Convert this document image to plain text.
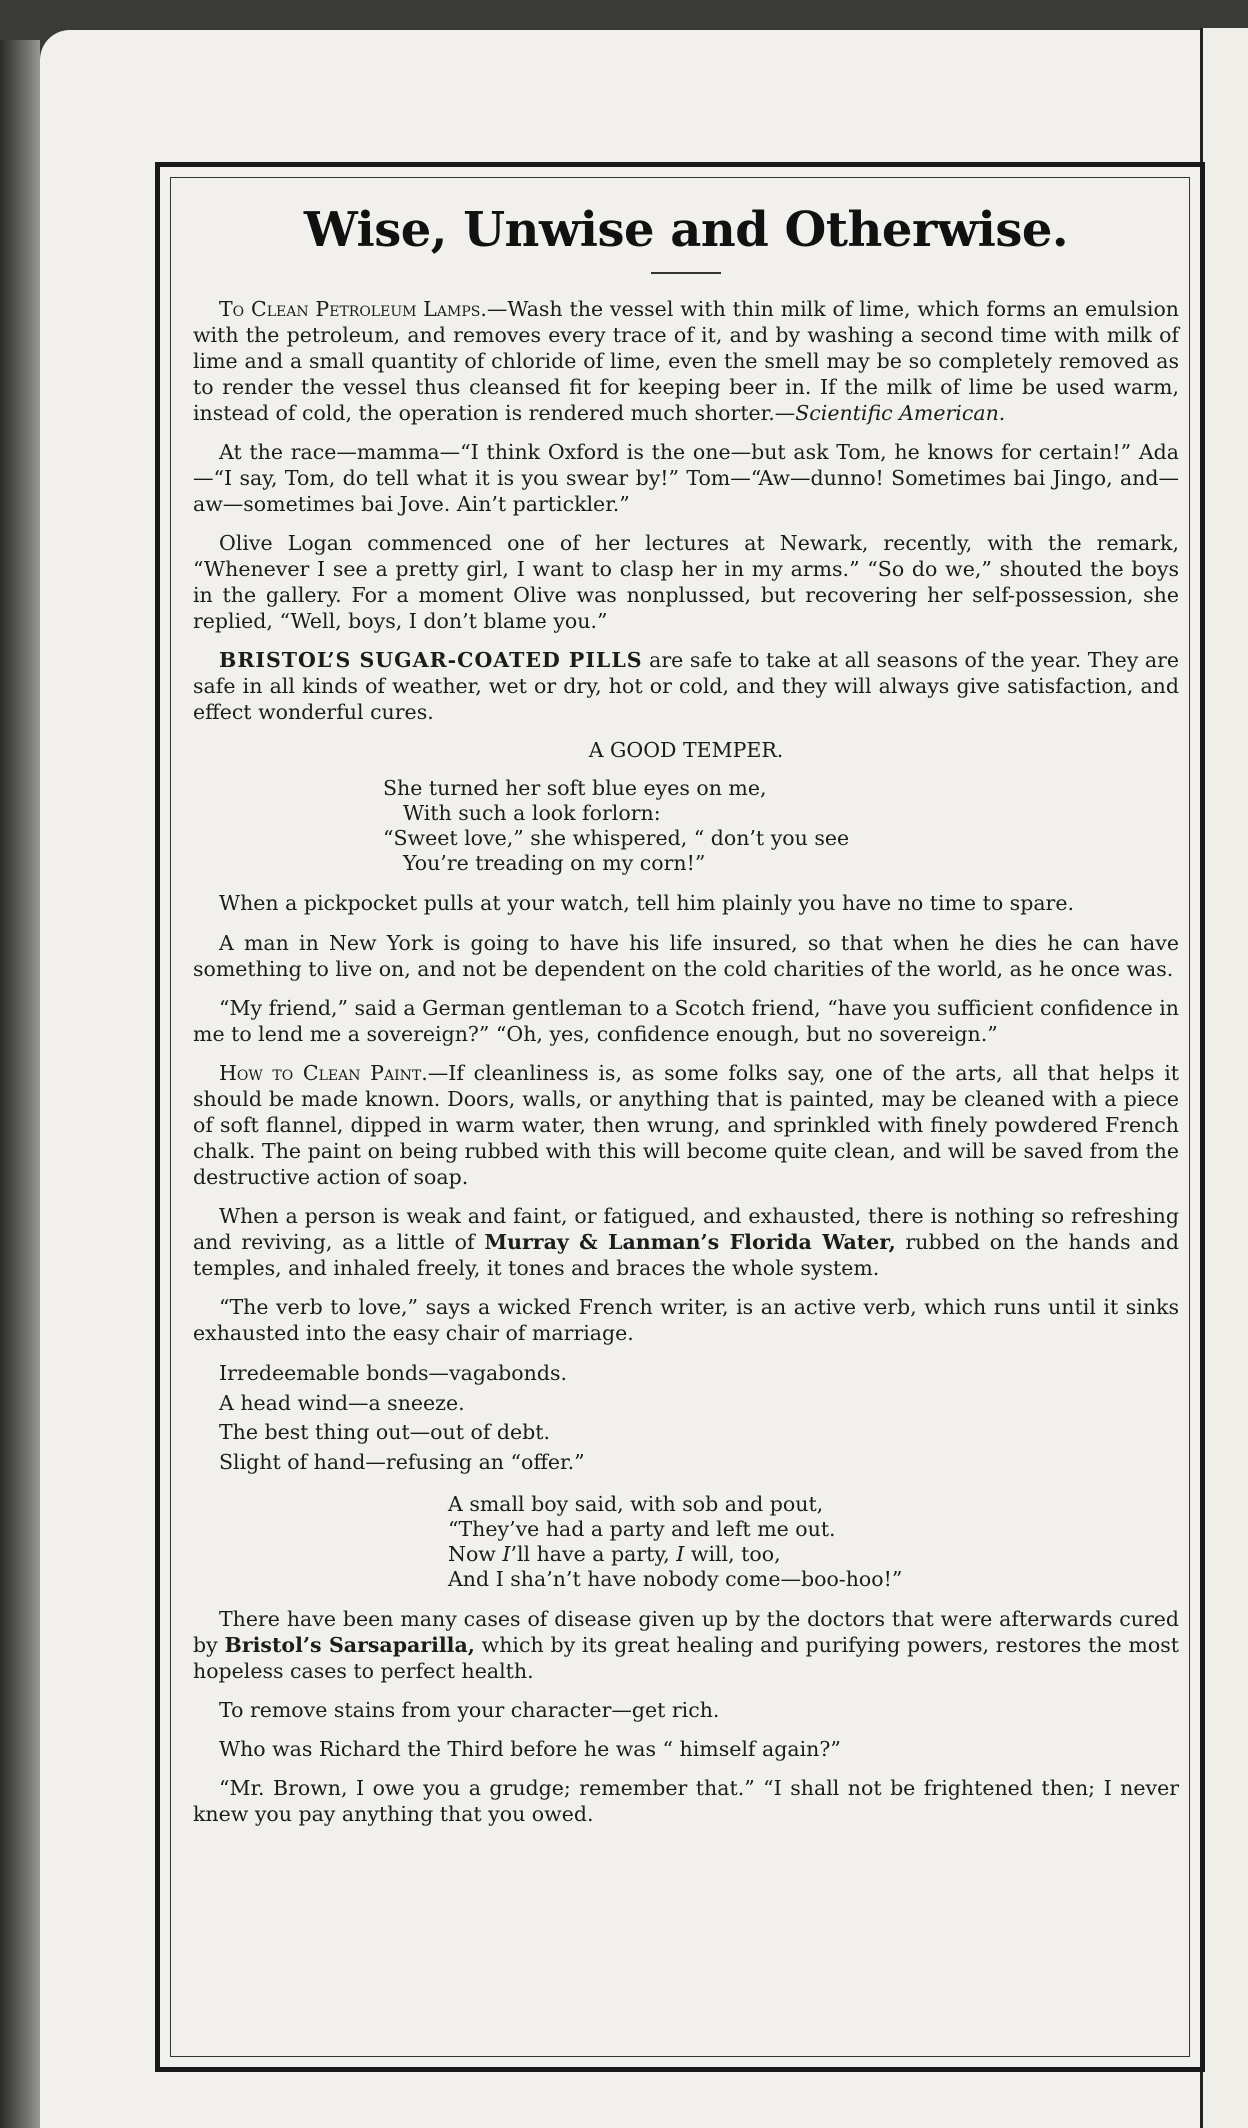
Wise, Unwise and Otherwise.

To Clean Petroleum Lamps.—Wash the vessel with thin milk of lime, which forms an emulsion with the petroleum, and removes every trace of it, and by washing a second time with milk of lime and a small quantity of chloride of lime, even the smell may be so completely removed as to render the vessel thus cleansed fit for keeping beer in. If the milk of lime be used warm, instead of cold, the operation is rendered much shorter.—Scientific American.

At the race—mamma—“I think Oxford is the one—but ask Tom, he knows for certain!” Ada—“I say, Tom, do tell what it is you swear by!” Tom—“Aw—dunno! Sometimes bai Jingo, and—aw—sometimes bai Jove. Ain’t partickler.”

Olive Logan commenced one of her lectures at Newark, recently, with the remark, “Whenever I see a pretty girl, I want to clasp her in my arms.” “So do we,” shouted the boys in the gallery. For a moment Olive was nonplussed, but recovering her self-possession, she replied, “Well, boys, I don’t blame you.”

BRISTOL’S SUGAR-COATED PILLS are safe to take at all seasons of the year. They are safe in all kinds of weather, wet or dry, hot or cold, and they will always give satisfaction, and effect wonderful cures.

A GOOD TEMPER.
She turned her soft blue eyes on me,
With such a look forlorn:
“Sweet love,” she whispered, “ don’t you see
You’re treading on my corn!”

When a pickpocket pulls at your watch, tell him plainly you have no time to spare.

A man in New York is going to have his life insured, so that when he dies he can have something to live on, and not be dependent on the cold charities of the world, as he once was.

“My friend,” said a German gentleman to a Scotch friend, “have you sufficient confidence in me to lend me a sovereign?” “Oh, yes, confidence enough, but no sovereign.”

How to Clean Paint.—If cleanliness is, as some folks say, one of the arts, all that helps it should be made known. Doors, walls, or anything that is painted, may be cleaned with a piece of soft flannel, dipped in warm water, then wrung, and sprinkled with finely powdered French chalk. The paint on being rubbed with this will become quite clean, and will be saved from the destructive action of soap.

When a person is weak and faint, or fatigued, and exhausted, there is nothing so refreshing and reviving, as a little of Murray & Lanman’s Florida Water, rubbed on the hands and temples, and inhaled freely, it tones and braces the whole system.

“The verb to love,” says a wicked French writer, is an active verb, which runs until it sinks exhausted into the easy chair of marriage.

Irredeemable bonds—vagabonds.
A head wind—a sneeze.
The best thing out—out of debt.
Slight of hand—refusing an “offer.”
A small boy said, with sob and pout,
“They’ve had a party and left me out.
Now I’ll have a party, I will, too,
And I sha’n’t have nobody come—boo-hoo!”

There have been many cases of disease given up by the doctors that were afterwards cured by Bristol’s Sarsaparilla, which by its great healing and purifying powers, restores the most hopeless cases to perfect health.

To remove stains from your character—get rich.

Who was Richard the Third before he was “ himself again?”

“Mr. Brown, I owe you a grudge; remember that.” “I shall not be frightened then; I never knew you pay anything that you owed.
